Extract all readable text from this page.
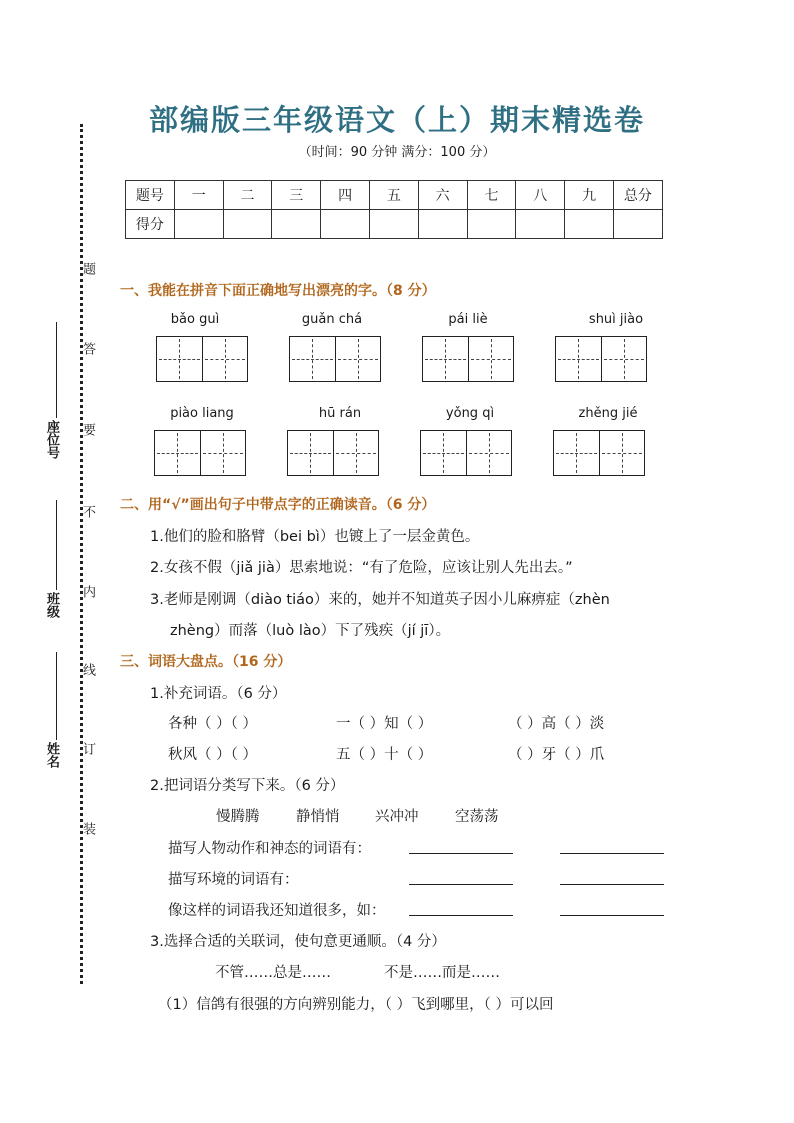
题
答
要
不
内
线
订
装
座位号
班级
姓名
部编版三年级语文（上）期末精选卷
（时间：90 分钟 满分：100 分）
题号	一	二	三	四	五	六	七	八	九	总分
得分										
一、我能在拼音下面正确地写出漂亮的字。（8 分）
bǎo guì	guǎn chá	pái liè	shuì jiào
piào liang	hū rán	yǒng qì	zhěng jié
二、用“√”画出句子中带点字的正确读音。（6 分）
1.他们的脸和胳臂（bei bì）也镀上了一层金黄色。
2.女孩不假（jiǎ jià）思索地说：“有了危险，应该让别人先出去。”
3.老师是刚调（diào tiáo）来的，她并不知道英子因小儿麻痹症（zhèn
zhèng）而落（luò lào）下了残疾（jí jī）。
三、词语大盘点。（16 分）
1.补充词语。（6 分）
各种（ ）（ ）	一（ ）知（ ）	（ ）高（ ）淡
秋风（ ）（ ）	五（ ）十（ ）	（ ）牙（ ）爪
2.把词语分类写下来。（6 分）
慢腾腾	静悄悄 兴冲冲	空荡荡
描写人物动作和神态的词语有：
描写环境的词语有：
像这样的词语我还知道很多，如：
3.选择合适的关联词，使句意更通顺。（4 分）
不管……总是……	不是……而是……
（1）信鸽有很强的方向辨别能力，（ ）飞到哪里，（ ）可以回
